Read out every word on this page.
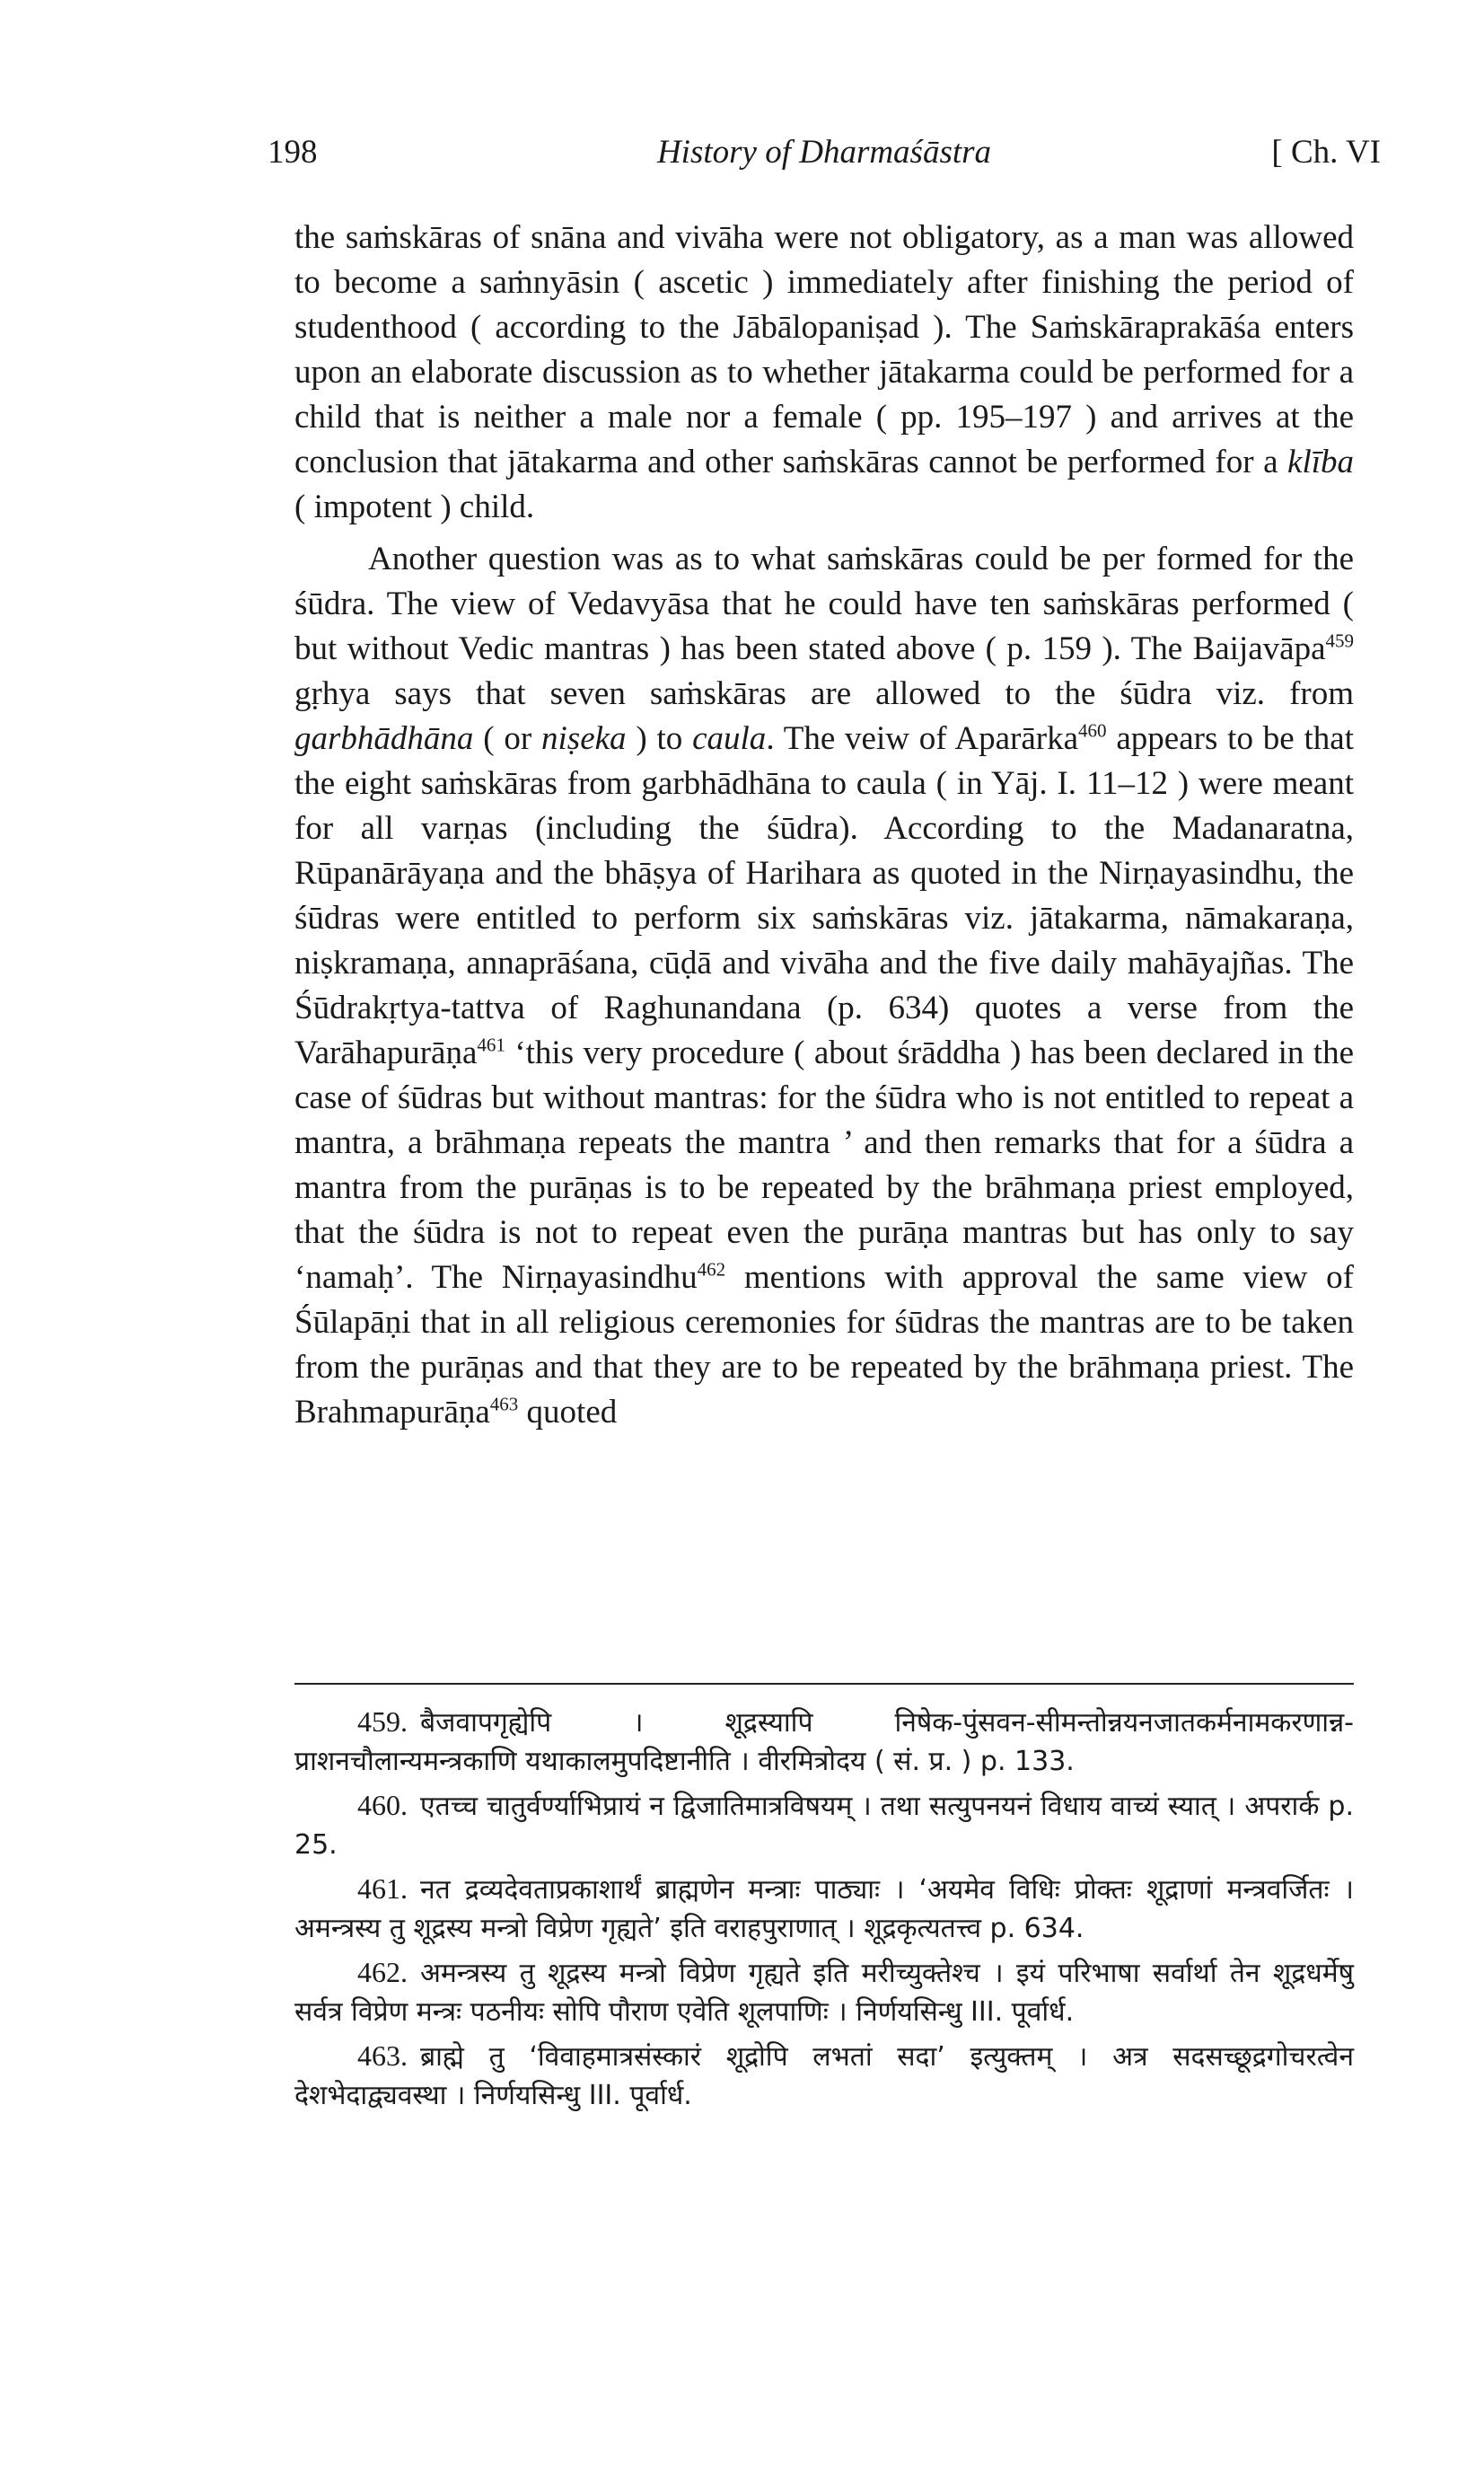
198	History of Dharmaśāstra	[ Ch. VI

the saṁskāras of snāna and vivāha were not obligatory, as a man was allowed to become a saṁnyāsin ( ascetic ) immediately after finishing the period of studenthood ( according to the Jābālopaniṣad ). The Saṁskāraprakāśa enters upon an elaborate discussion as to whether jātakarma could be performed for a child that is neither a male nor a female ( pp. 195–197 ) and arrives at the conclusion that jātakarma and other saṁskāras cannot be performed for a klība ( impotent ) child.

Another question was as to what saṁskāras could be per formed for the śūdra. The view of Vedavyāsa that he could have ten saṁskāras performed ( but without Vedic mantras ) has been stated above ( p. 159 ). The Baijavāpa$^{459}$ gṛhya says that seven saṁskāras are allowed to the śūdra viz. from garbhādhāna ( or niṣeka ) to caula. The veiw of Aparārka$^{460}$ appears to be that the eight saṁskāras from garbhādhāna to caula ( in Yāj. I. 11–12 ) were meant for all varṇas (including the śūdra). According to the Madanaratna, Rūpanārāyaṇa and the bhāṣya of Harihara as quoted in the Nirṇayasindhu, the śūdras were entitled to perform six saṁskāras viz. jātakarma, nāmakaraṇa, niṣkramaṇa, annaprāśana, cūḍā and vivāha and the five daily mahāyajñas. The Śūdrakṛtya-tattva of Raghunandana (p. 634) quotes a verse from the Varāhapurāṇa$^{461}$ ‘this very procedure ( about śrāddha ) has been declared in the case of śūdras but without mantras: for the śūdra who is not entitled to repeat a mantra, a brāhmaṇa repeats the mantra ’ and then remarks that for a śūdra a mantra from the purāṇas is to be repeated by the brāhmaṇa priest employed, that the śūdra is not to repeat even the purāṇa mantras but has only to say ‘namaḥ’. The Nirṇayasindhu$^{462}$ mentions with approval the same view of Śūlapāṇi that in all religious ceremonies for śūdras the mantras are to be taken from the purāṇas and that they are to be repeated by the brāhmaṇa priest. The Brahmapurāṇa$^{463}$ quoted

459. बैजवापगृह्येपि । शूद्रस्यापि निषेक-पुंसवन-सीमन्तोन्नयनजातकर्मनामकरणान्न-प्राशनचौलान्यमन्त्रकाणि यथाकालमुपदिष्टानीति । वीरमित्रोदय ( सं. प्र. ) p. 133.

460. एतच्च चातुर्वर्ण्याभिप्रायं न द्विजातिमात्रविषयम् । तथा सत्युपनयनं विधाय वाच्यं स्यात् । अपरार्क p. 25.

461. नत द्रव्यदेवताप्रकाशार्थं ब्राह्मणेन मन्त्राः पाठ्याः । ‘अयमेव विधिः प्रोक्तः शूद्राणां मन्त्रवर्जितः । अमन्त्रस्य तु शूद्रस्य मन्त्रो विप्रेण गृह्यते’ इति वराहपुराणात् । शूद्रकृत्यतत्त्व p. 634.

462. अमन्त्रस्य तु शूद्रस्य मन्त्रो विप्रेण गृह्यते इति मरीच्युक्तेश्च । इयं परिभाषा सर्वार्था तेन शूद्रधर्मेषु सर्वत्र विप्रेण मन्त्रः पठनीयः सोपि पौराण एवेति शूलपाणिः । निर्णयसिन्धु III. पूर्वार्ध.

463. ब्राह्मे तु ‘विवाहमात्रसंस्कारं शूद्रोपि लभतां सदा’ इत्युक्तम् । अत्र सदसच्छूद्रगोचरत्वेन देशभेदाद्व्यवस्था । निर्णयसिन्धु III. पूर्वार्ध.
